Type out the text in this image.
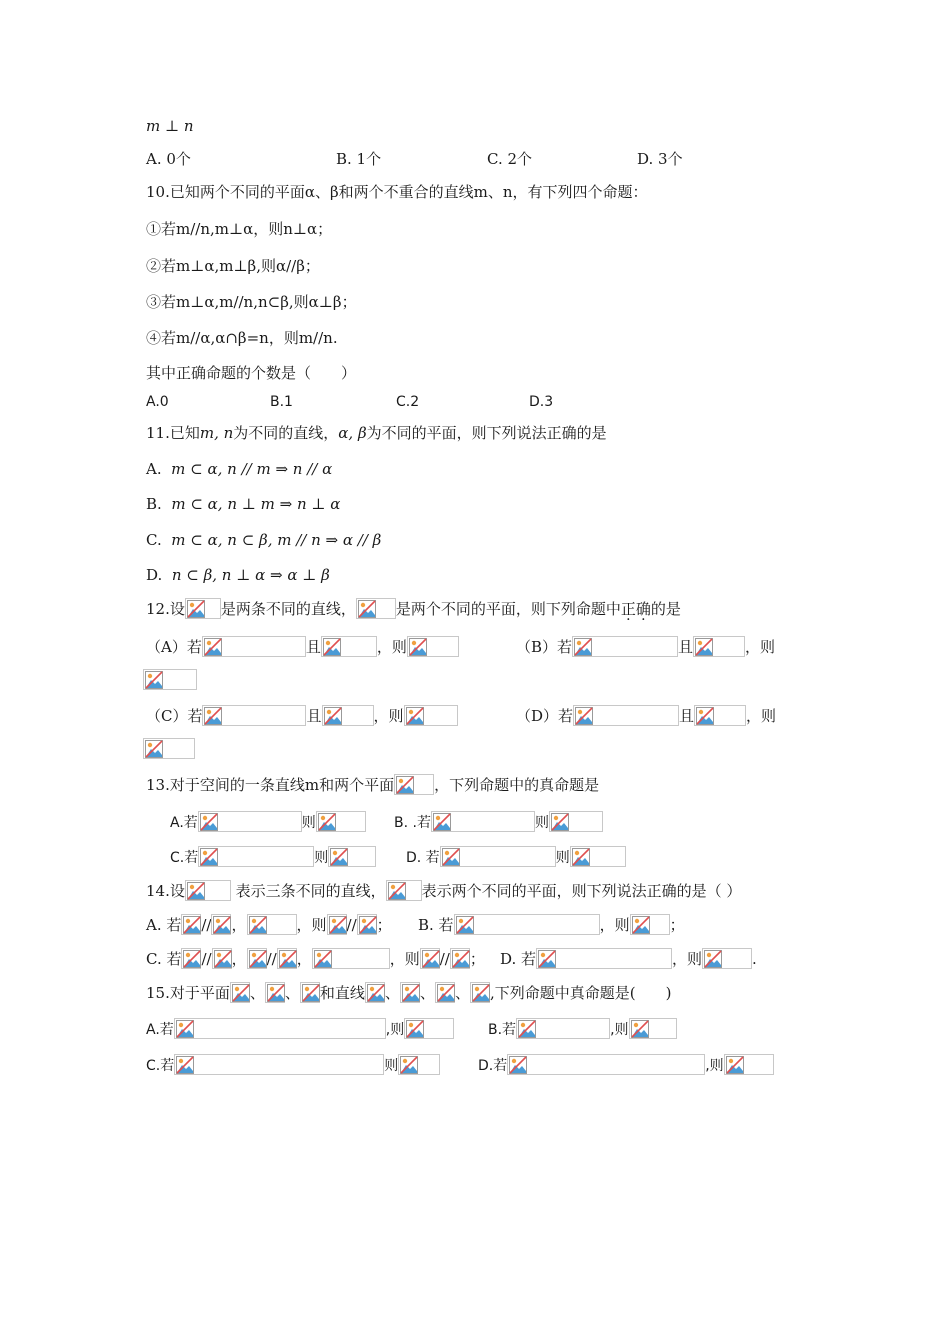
m ⊥ n
A. 0个	B. 1个	C. 2个	D. 3个
10.已知两个不同的平面α、β和两个不重合的直线m、n，有下列四个命题：
①若m//n,m⊥α，则n⊥α；
②若m⊥α,m⊥β,则α//β；
③若m⊥α,m//n,n⊂β,则α⊥β；
④若m//α,α∩β=n，则m//n.
其中正确命题的个数是（　　）
A.0	B.1	C.2	D.3
11.已知m, n为不同的直线，α, β为不同的平面，则下列说法正确的是
A. m ⊂ α, n // m ⇒ n // α
B. m ⊂ α, n ⊥ m ⇒ n ⊥ α
C. m ⊂ α, n ⊂ β, m // n ⇒ α // β
D. n ⊂ β, n ⊥ α ⇒ α ⊥ β
12.设 是两条不同的直线，	是两个不同的平面，则下列命题中正确的是
（A）若	且	，则	（B）若	且	，则
（C）若	且	，则	（D）若	且	，则
13.对于空间的一条直线m和两个平面	，下列命题中的真命题是
A.若	则	B. .若	则
C.若	则	D. 若	则
14.设	表示三条不同的直线， 表示两个不同的平面，则下列说法正确的是（ ）
A. 若 // ，	，则 // ； B. 若	，则	；
C. 若 // ， // ，	，则 // ； D. 若	，则	.
15.对于平面 、 、 和直线 、 、 、 ,下列命题中真命题是(　　)
A.若	,则	B.若	,则
C.若	则	D.若	,则
